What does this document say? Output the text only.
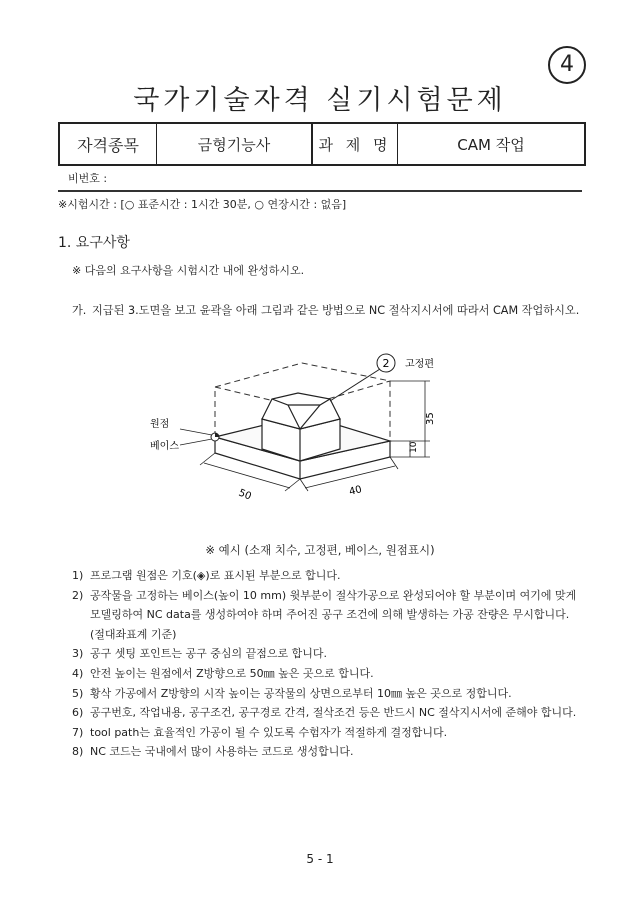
4
국가기술자격 실기시험문제
자격종목	금형기능사	과 제 명	CAM 작업
비번호 :
※시험시간 : [○ 표준시간 : 1시간 30분, ○ 연장시간 : 없음]
1. 요구사항
※ 다음의 요구사항을 시험시간 내에 완성하시오.
가. 지급된 3.도면을 보고 윤곽을 아래 그림과 같은 방법으로 NC 절삭지시서에 따라서 CAM 작업하시오.
2 고정편
원점
베이스
35
10
50	40
※ 예시 (소재 치수, 고정편, 베이스, 원점표시)
1) 프로그램 원점은 기호(◈)로 표시된 부분으로 합니다.
2) 공작물을 고정하는 베이스(높이 10 mm) 윗부분이 절삭가공으로 완성되어야 할 부분이며 여기에 맞게 모델링하여 NC data를 생성하여야 하며 주어진 공구 조건에 의해 발생하는 가공 잔량은 무시합니다.(절대좌표계 기준)
3) 공구 셋팅 포인트는 공구 중심의 끝점으로 합니다.
4) 안전 높이는 원점에서 Z방향으로 50㎜ 높은 곳으로 합니다.
5) 황삭 가공에서 Z방향의 시작 높이는 공작물의 상면으로부터 10㎜ 높은 곳으로 정합니다.
6) 공구번호, 작업내용, 공구조건, 공구경로 간격, 절삭조건 등은 반드시 NC 절삭지시서에 준해야 합니다.
7) tool path는 효율적인 가공이 될 수 있도록 수험자가 적절하게 결정합니다.
8) NC 코드는 국내에서 많이 사용하는 코드로 생성합니다.
5 - 1
